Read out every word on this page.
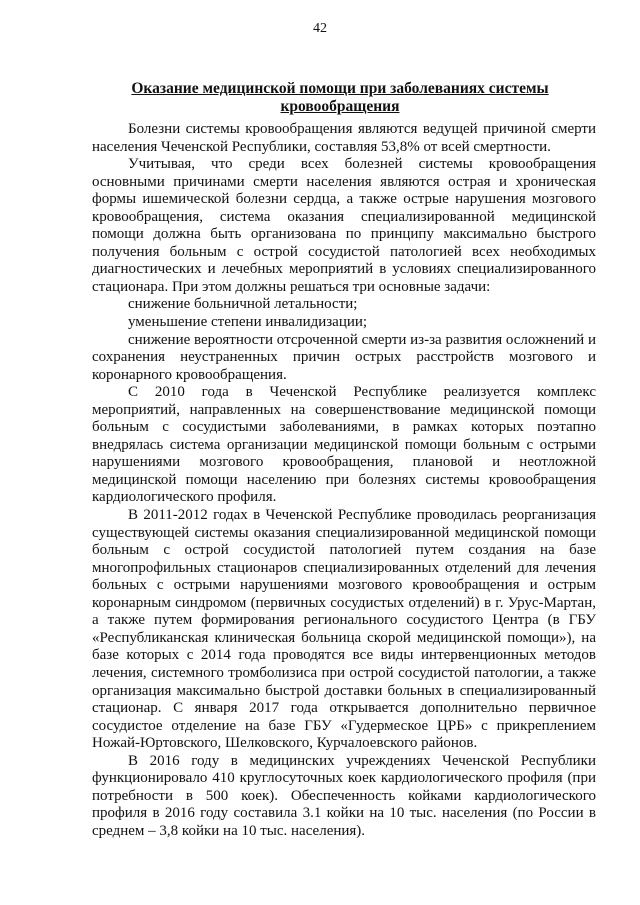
42
Оказание медицинской помощи при заболеваниях системы кровообращения

Болезни системы кровообращения являются ведущей причиной смерти населения Чеченской Республики, составляя 53,8% от всей смертности.

Учитывая, что среди всех болезней системы кровообращения основными причинами смерти населения являются острая и хроническая формы ишемической болезни сердца, а также острые нарушения мозгового кровообращения, система оказания специализированной медицинской помощи должна быть организована по принципу максимально быстрого получения больным с острой сосудистой патологией всех необходимых диагностических и лечебных мероприятий в условиях специализированного стационара. При этом должны решаться три основные задачи:

снижение больничной летальности;

уменьшение степени инвалидизации;

снижение вероятности отсроченной смерти из-за развития осложнений и сохранения неустраненных причин острых расстройств мозгового и коронарного кровообращения.

С 2010 года в Чеченской Республике реализуется комплекс мероприятий, направленных на совершенствование медицинской помощи больным с сосудистыми заболеваниями, в рамках которых поэтапно внедрялась система организации медицинской помощи больным с острыми нарушениями мозгового кровообращения, плановой и неотложной медицинской помощи населению при болезнях системы кровообращения кардиологического профиля.

В 2011-2012 годах в Чеченской Республике проводилась реорганизация существующей системы оказания специализированной медицинской помощи больным с острой сосудистой патологией путем создания на базе многопрофильных стационаров специализированных отделений для лечения больных с острыми нарушениями мозгового кровообращения и острым коронарным синдромом (первичных сосудистых отделений) в г. Урус-Мартан, а также путем формирования регионального сосудистого Центра (в ГБУ «Республиканская клиническая больница скорой медицинской помощи»), на базе которых с 2014 года проводятся все виды интервенционных методов лечения, системного тромболизиса при острой сосудистой патологии, а также организация максимально быстрой доставки больных в специализированный стационар. С января 2017 года открывается дополнительно первичное сосудистое отделение на базе ГБУ «Гудермеское ЦРБ» с прикреплением Ножай-Юртовского, Шелковского, Курчалоевского районов.

В 2016 году в медицинских учреждениях Чеченской Республики функционировало 410 круглосуточных коек кардиологического профиля (при потребности в 500 коек). Обеспеченность койками кардиологического профиля в 2016 году составила 3.1 койки на 10 тыс. населения (по России в среднем – 3,8 койки на 10 тыс. населения).
